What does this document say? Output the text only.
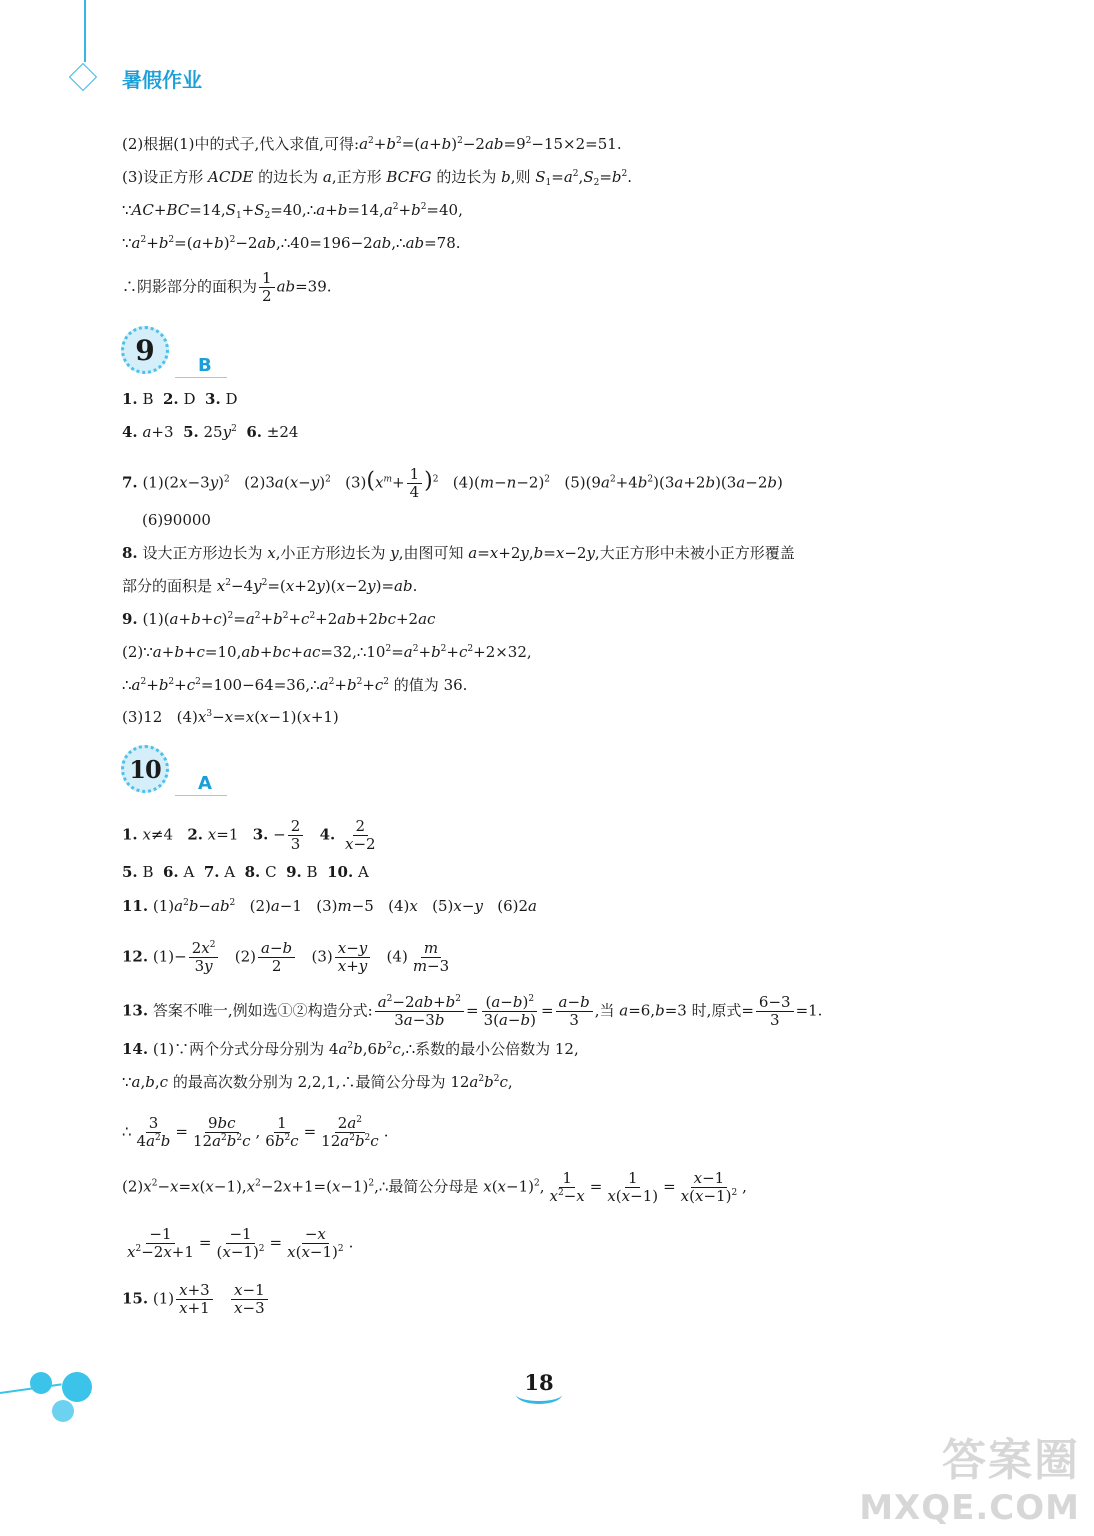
暑假作业
(2)根据(1)中的式子,代入求值,可得$:a^2+b^2=(a+b)^2-2ab=9^2-15\times 2=51$.
(3)设正方形 ACDE 的边长为 a,正方形 BCFG 的边长为 b,则 $S_1=a^2,S_2=b^2$.
$\because AC+BC=14,S_1+S_2=40,\therefore a+b=14,a^2+b^2=40$,
$\because a^2+b^2=(a+b)^2-2ab,\therefore 40=196-2ab,\therefore ab=78$.
∴阴影部分的面积为 $\frac{1}{2} ab=39$.
9 B
1. B  2. D  3. D
4. a+3  5. $25y^2$ 6. ±24
7. $(1)(2x-3y)^2$   $(2)3a(x-y)^2$   $(3)(x^m+ \frac{1}{4} )^2$   $(4)(m-n-2)^2$   $(5)(9a^2+4b^2)(3a+2b)(3a-2b)$
(6)90000
8. 设大正方形边长为 x,小正方形边长为 y,由图可知 a=x+2y,b=x−2y,大正方形中未被小正方形覆盖
部分的面积是 $x^2-4y^2=(x+2y)(x-2y)=ab$.
9. $(1)(a+b+c)^2=a^2+b^2+c^2+2ab+2bc+2ac$
$(2)\because a+b+c=10,ab+bc+ac=32,\therefore 10^2=a^2+b^2+c^2+2\times 32$,
$\therefore a^2+b^2+c^2=100-64=36,\therefore a^2+b^2+c^2$ 的值为 36.
(3)12   $(4)x^3-x=x(x-1)(x+1)$
10 A
1. x≠4   2. x=1   3. − $\frac{2}{3} 4$. $\frac{2}{x-2}$
5. B  6. A  7. A  8. C  9. B  10. A
11. $(1)a^2b-ab^2$   (2)a−1   (3)m−5   (4)x   (5)x−y   (6)2a
12. $(1)- \frac{2x^2}{3y} (2) \frac{a-b}{2} (3) \frac{x-y}{x+y} (4) \frac{m}{m-3}$
13. 答案不唯一,例如选①②构造分式: $\frac{a^2-2ab+b^2}{3a-3b} = \frac{(a-b)^2}{3(a-b)} = \frac{a-b}{3}$ ,当 a=6,b=3 时,原式= $\frac{6-3}{3} =1$.
14. (1)∵两个分式分母分别为 $4a^2b,6b^2c,\therefore$系数的最小公倍数为 12,
∵a,b,c 的最高次数分别为 2,2,1,∴最简公分母为 $12a^2b^2c$,
∴ $\frac{3}{4a^2b} = \frac{9bc}{12a^2b^2c}$ , $\frac{1}{6b^2c} = \frac{2a^2}{12a^2b^2c}$ .
$(2)x^2-x=x(x-1),x^2-2x+1=(x-1)^2,\therefore$最简公分母是 $x(x-1)^2$, $\frac{1}{x^2-x} = \frac{1}{x(x-1)} = \frac{x-1}{x(x-1)^2}$ ,
$\frac{-1}{x^2-2x+1} = \frac{-1}{(x-1)^2} = \frac{-x}{x(x-1)^2}$ .
15. $(1) \frac{x+3}{x+1}$
$\frac{x-1}{x-3}$
18
答案圈
MXQE.COM
